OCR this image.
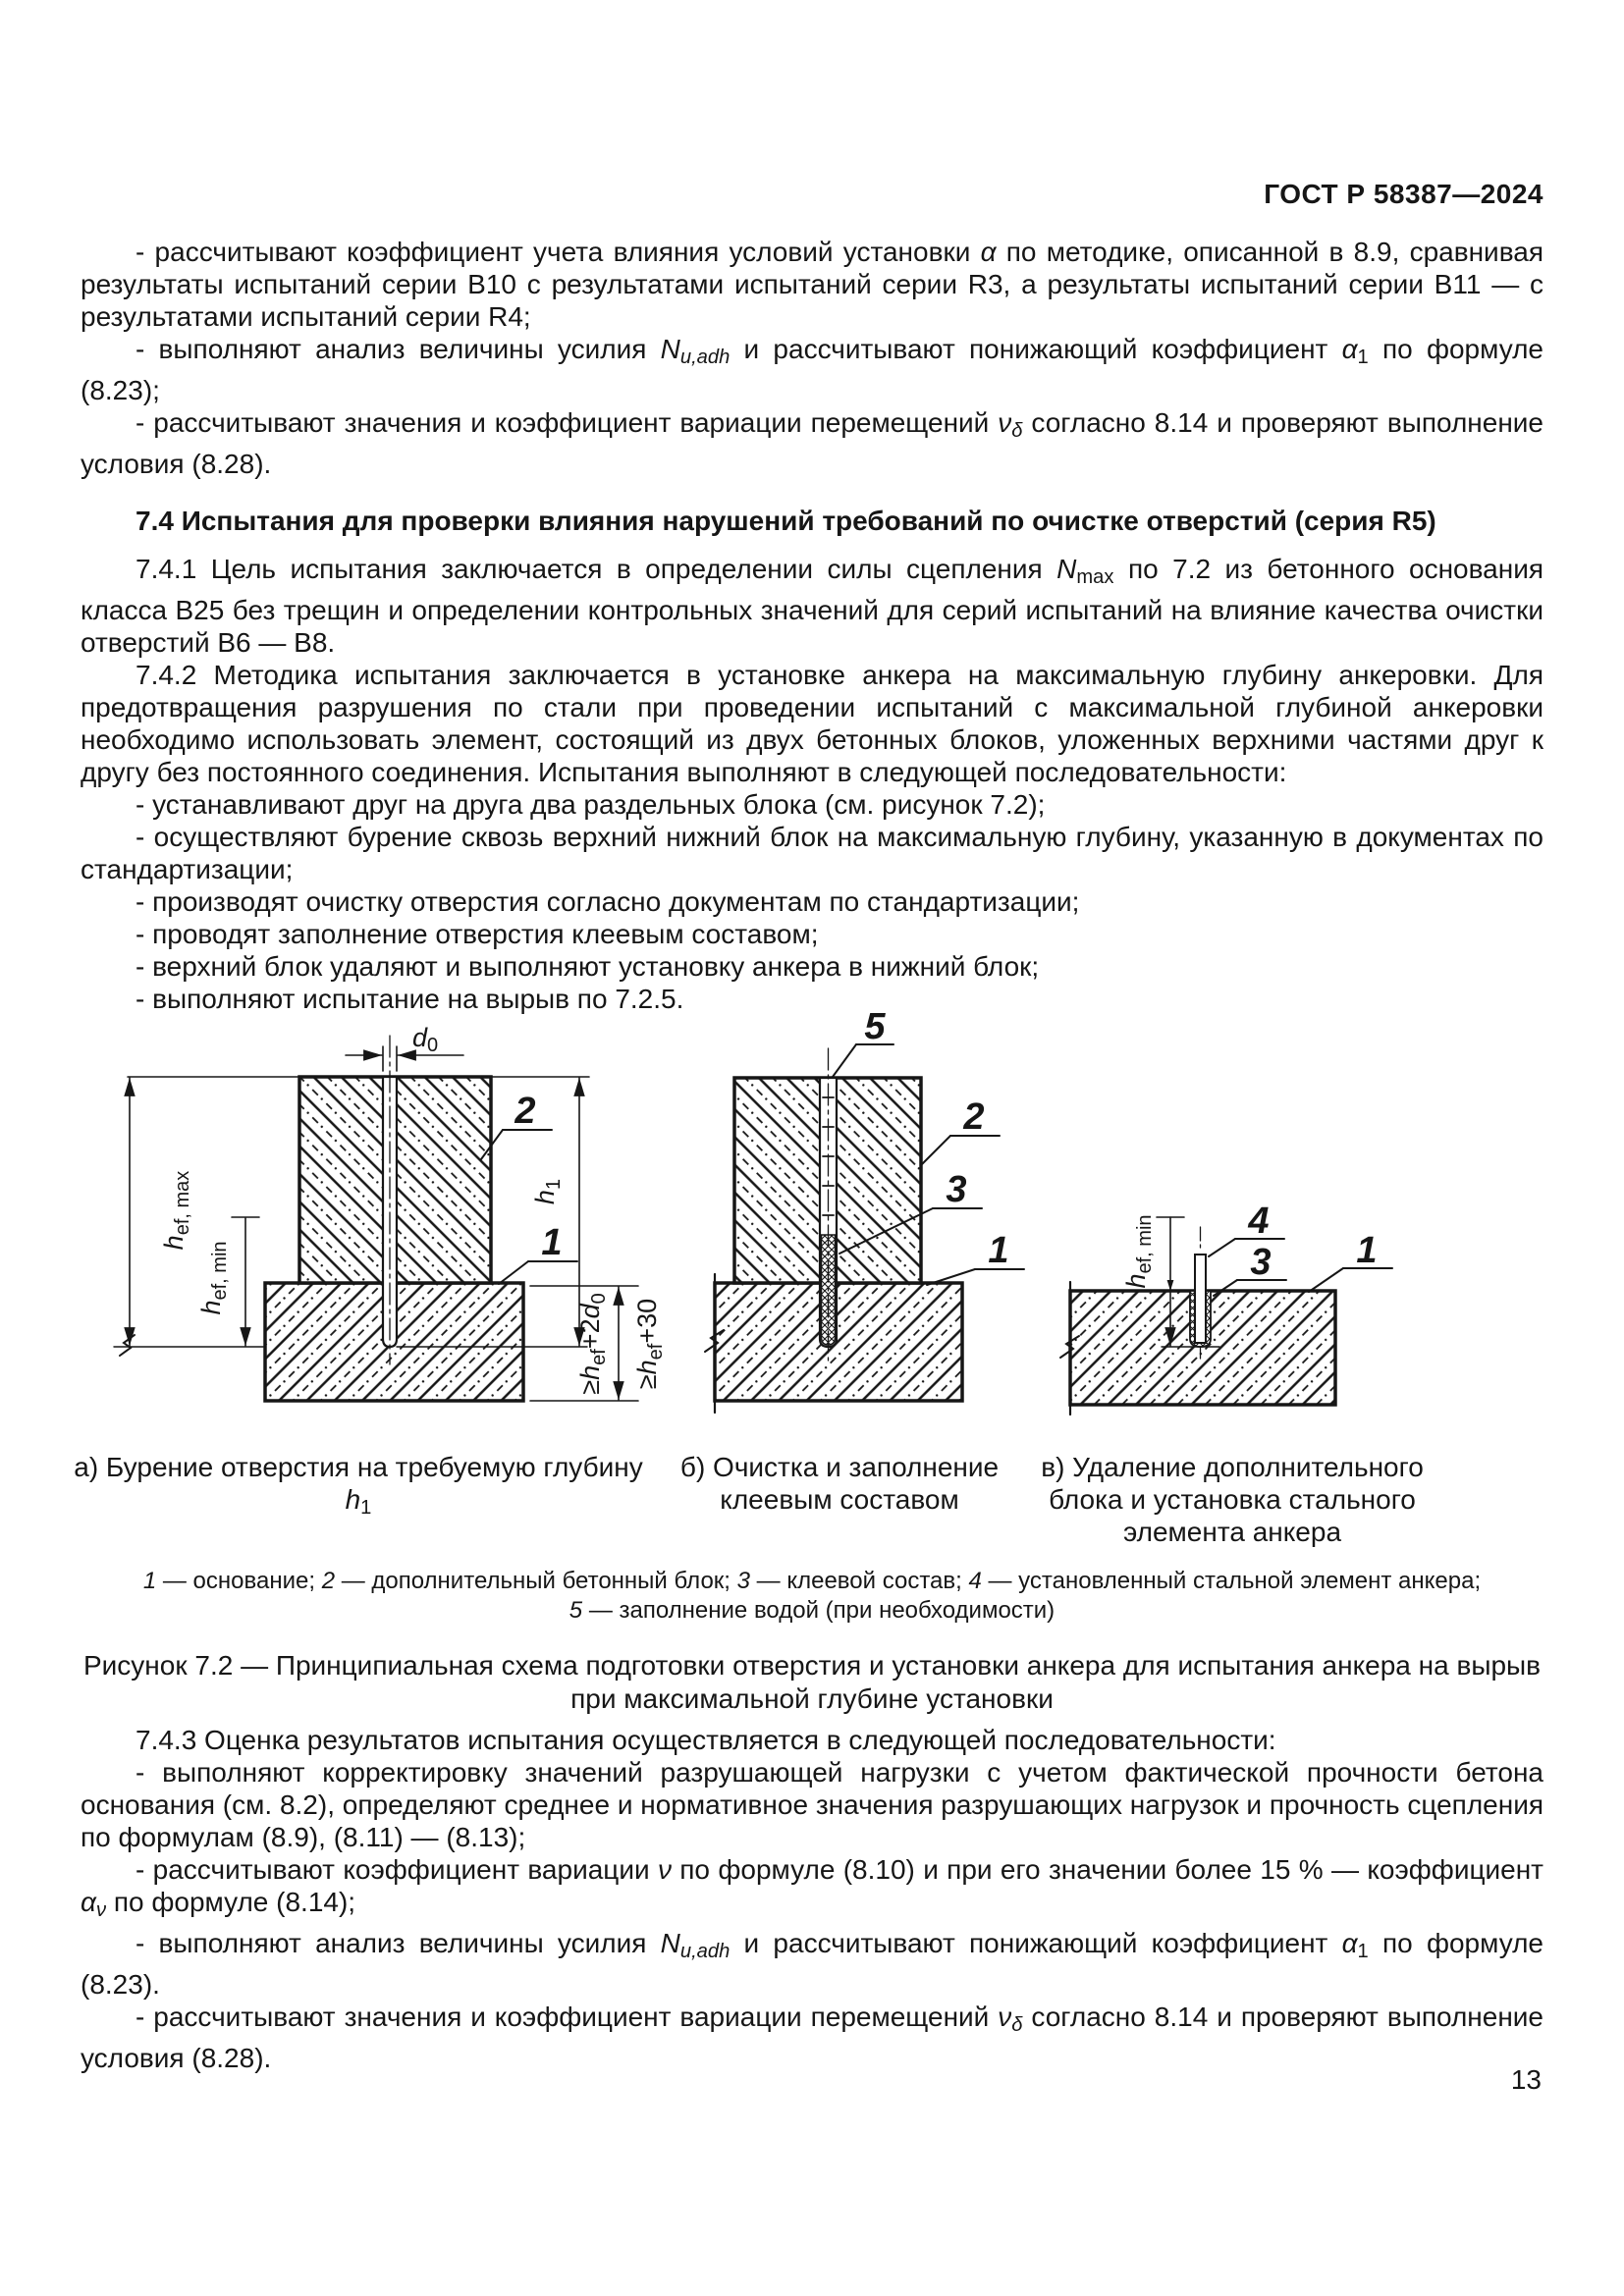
ГОСТ Р 58387—2024
- рассчитывают коэффициент учета влияния условий установки α по методике, описанной в 8.9, сравнивая результаты испытаний серии В10 с результатами испытаний серии R3, а результаты испытаний серии В11 — с результатами испытаний серии R4;
- выполняют анализ величины усилия Nu,adh и рассчитывают понижающий коэффициент $\alpha_1$ по формуле (8.23);
- рассчитывают значения и коэффициент вариации перемещений νδ согласно 8.14 и проверяют выполнение условия (8.28).
7.4 Испытания для проверки влияния нарушений требований по очистке отверстий (серия R5)
7.4.1 Цель испытания заключается в определении силы сцепления $N_{max}$ по 7.2 из бетонного основания класса В25 без трещин и определении контрольных значений для серий испытаний на влияние качества очистки отверстий В6 — В8.
7.4.2 Методика испытания заключается в установке анкера на максимальную глубину анкеровки. Для предотвращения разрушения по стали при проведении испытаний с максимальной глубиной анкеровки необходимо использовать элемент, состоящий из двух бетонных блоков, уложенных верхними частями друг к другу без постоянного соединения. Испытания выполняют в следующей последовательности:
- устанавливают друг на друга два раздельных блока (см. рисунок 7.2);
- осуществляют бурение сквозь верхний нижний блок на максимальную глубину, указанную в документах по стандартизации;
- производят очистку отверстия согласно документам по стандартизации;
- проводят заполнение отверстия клеевым составом;
- верхний блок удаляют и выполняют установку анкера в нижний блок;
- выполняют испытание на вырыв по 7.2.5.
d0
$h_{ef, max}$
$h_{ef, min}$
$h_1$
$\ge h_{ef}+2d_0$
$\ge h_{ef}+30$
2
1
5
2
3
1
$h_{ef, min}$ 4
3 1
а) Бурение отверстия на требуемую глубину $h_1$
б) Очистка и заполнение
клеевым составом
в) Удаление дополнительного
блока и установка стального
элемента анкера
1 — основание; 2 — дополнительный бетонный блок; 3 — клеевой состав; 4 — установленный стальной элемент анкера;
5 — заполнение водой (при необходимости)
Рисунок 7.2 — Принципиальная схема подготовки отверстия и установки анкера для испытания анкера на вырыв
при максимальной глубине установки
7.4.3 Оценка результатов испытания осуществляется в следующей последовательности:
- выполняют корректировку значений разрушающей нагрузки с учетом фактической прочности бетона основания (см. 8.2), определяют среднее и нормативное значения разрушающих нагрузок и прочность сцепления по формулам (8.9), (8.11) — (8.13);
- рассчитывают коэффициент вариации ν по формуле (8.10) и при его значении более 15 % — коэффициент αν по формуле (8.14);
- выполняют анализ величины усилия Nu,adh и рассчитывают понижающий коэффициент $\alpha_1$ по формуле (8.23).
- рассчитывают значения и коэффициент вариации перемещений νδ согласно 8.14 и проверяют выполнение условия (8.28).
13
